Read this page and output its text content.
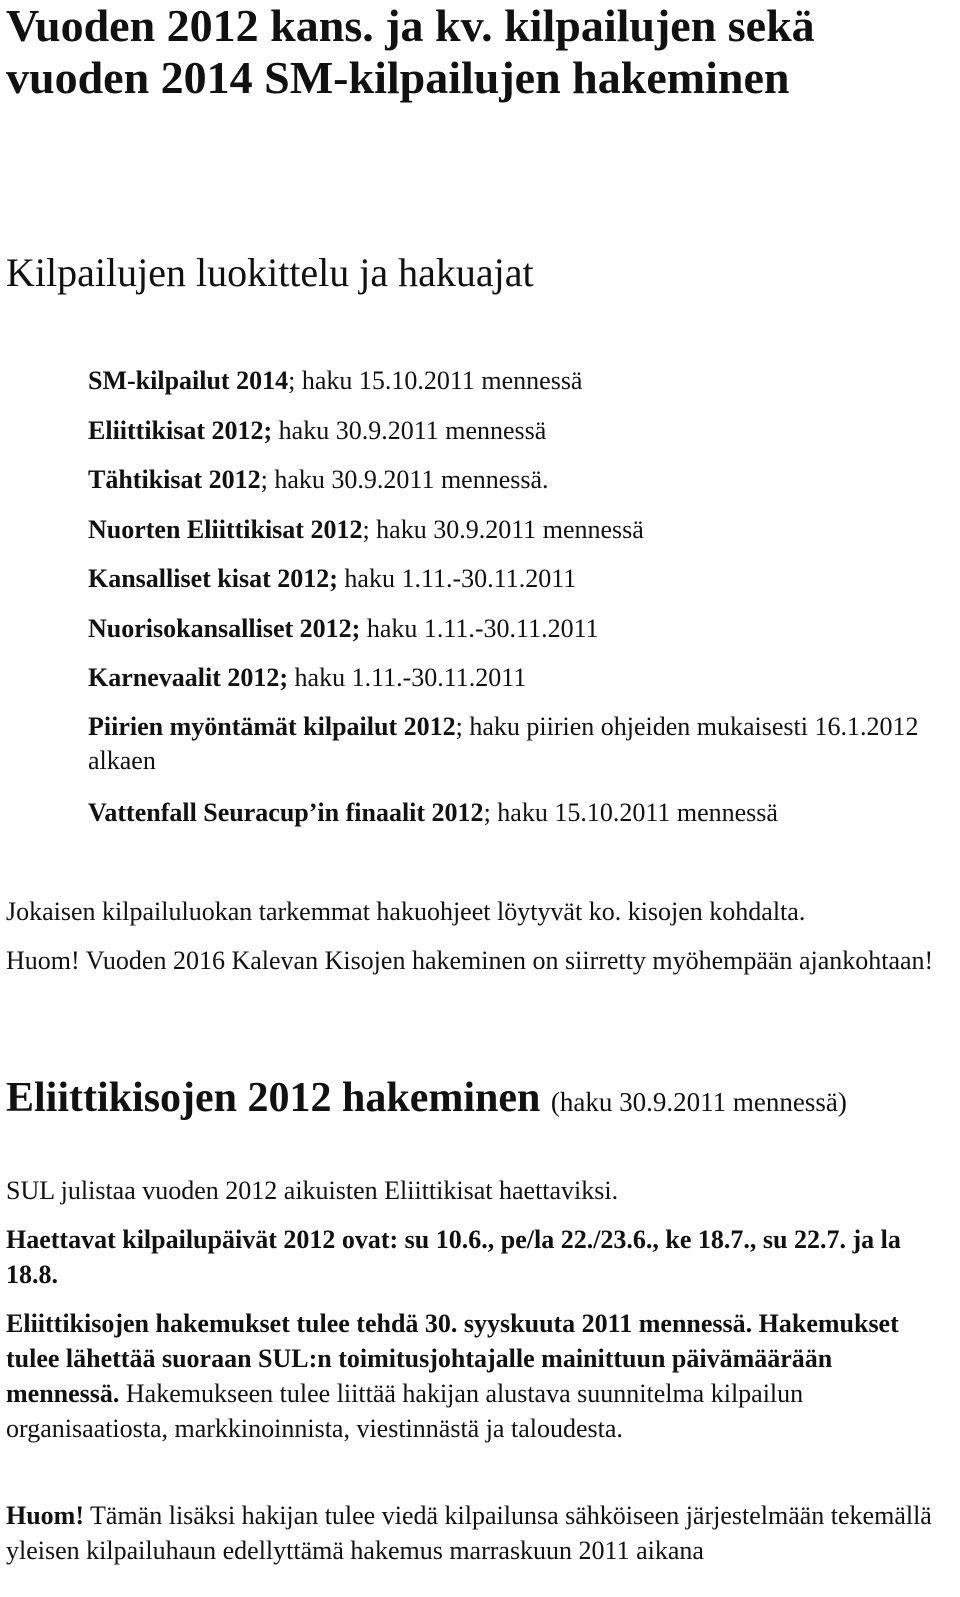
Vuoden 2012 kans. ja kv. kilpailujen sekä vuoden 2014 SM-kilpailujen hakeminen
Kilpailujen luokittelu ja hakuajat
SM-kilpailut 2014; haku 15.10.2011 mennessä
Eliittikisat 2012; haku 30.9.2011 mennessä
Tähtikisat 2012; haku 30.9.2011 mennessä.
Nuorten Eliittikisat 2012; haku 30.9.2011 mennessä
Kansalliset kisat 2012; haku 1.11.-30.11.2011
Nuorisokansalliset 2012; haku 1.11.-30.11.2011
Karnevaalit 2012; haku 1.11.-30.11.2011
Piirien myöntämät kilpailut 2012; haku piirien ohjeiden mukaisesti 16.1.2012 alkaen
Vattenfall Seuracup’in finaalit 2012; haku 15.10.2011 mennessä

Jokaisen kilpailuluokan tarkemmat hakuohjeet löytyvät ko. kisojen kohdalta.

Huom! Vuoden 2016 Kalevan Kisojen hakeminen on siirretty myöhempään ajankohtaan!

Eliittikisojen 2012 hakeminen (haku 30.9.2011 mennessä)

SUL julistaa vuoden 2012 aikuisten Eliittikisat haettaviksi.

Haettavat kilpailupäivät 2012 ovat: su 10.6., pe/la 22./23.6., ke 18.7., su 22.7. ja la 18.8.

Eliittikisojen hakemukset tulee tehdä 30. syyskuuta 2011 mennessä. Hakemukset tulee lähettää suoraan SUL:n toimitusjohtajalle mainittuun päivämäärään mennessä. Hakemukseen tulee liittää hakijan alustava suunnitelma kilpailun organisaatiosta, markkinoinnista, viestinnästä ja taloudesta.

Huom! Tämän lisäksi hakijan tulee viedä kilpailunsa sähköiseen järjestelmään tekemällä yleisen kilpailuhaun edellyttämä hakemus marraskuun 2011 aikana
